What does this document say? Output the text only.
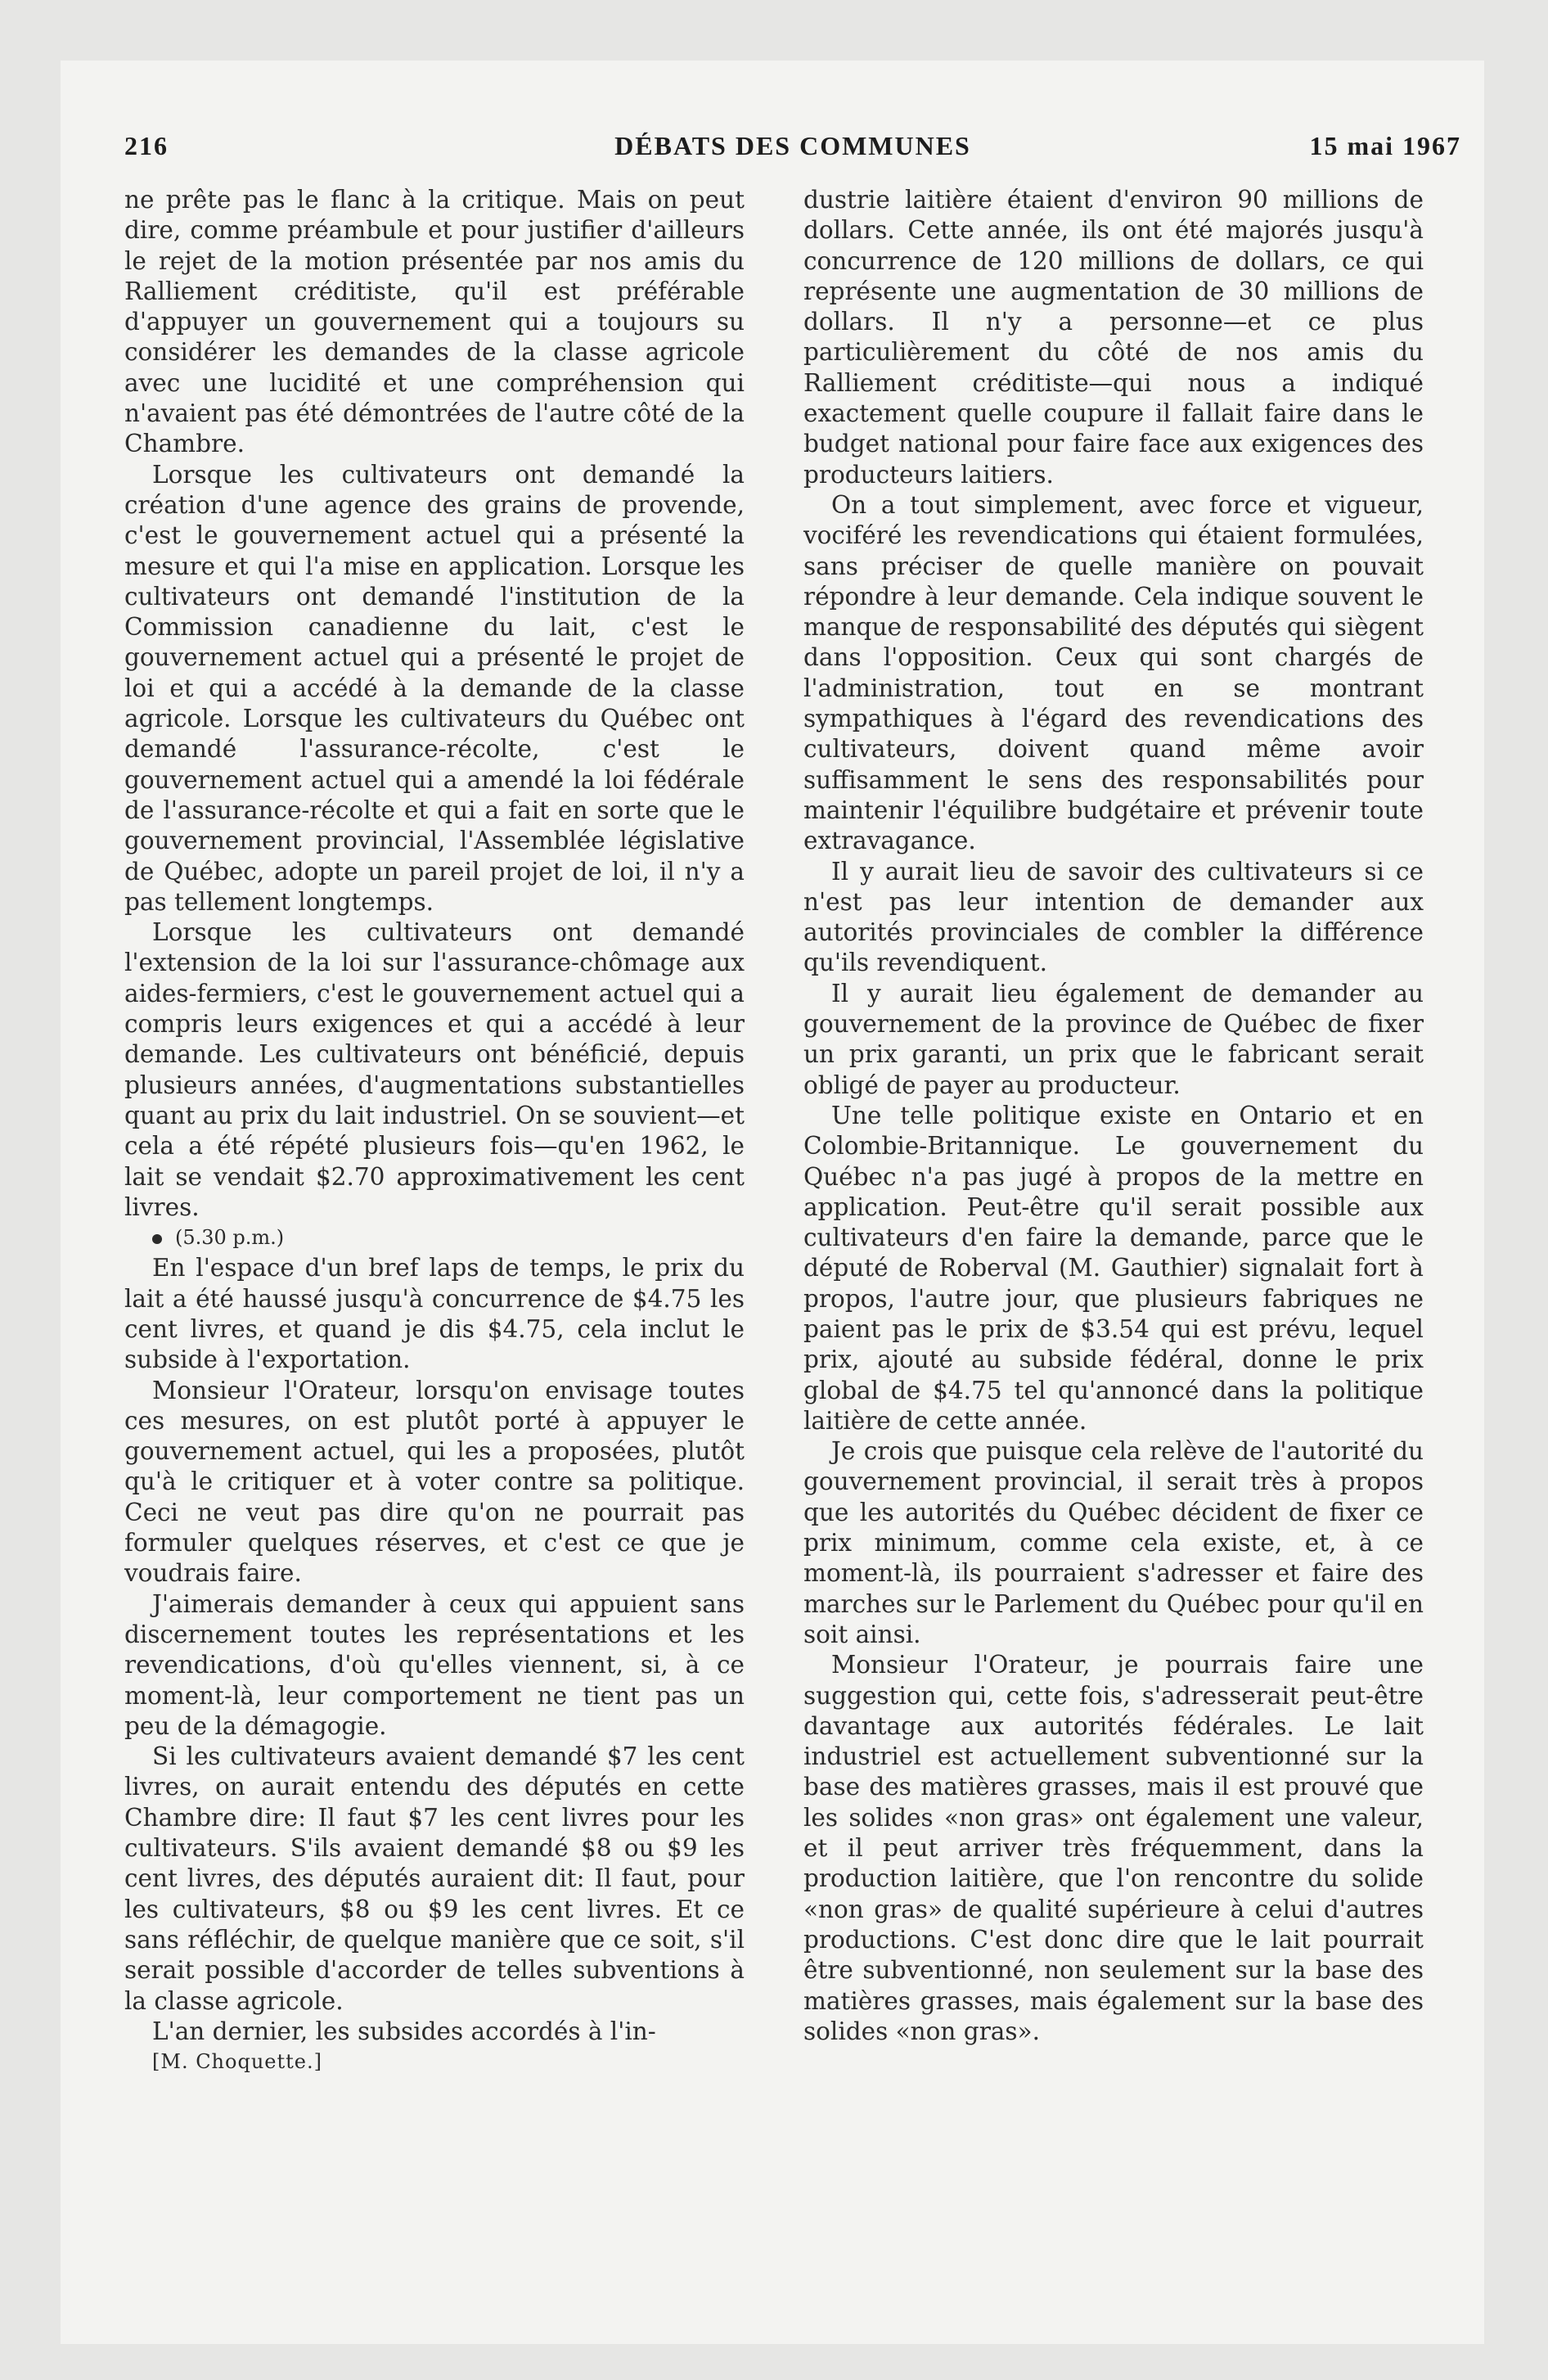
216	DÉBATS DES COMMUNES	15 mai 1967

ne prête pas le flanc à la critique. Mais on peut dire, comme préambule et pour justifier d'ailleurs le rejet de la motion présentée par nos amis du Ralliement créditiste, qu'il est préférable d'appuyer un gouvernement qui a toujours su considérer les demandes de la classe agricole avec une lucidité et une compréhension qui n'avaient pas été démontrées de l'autre côté de la Chambre.

Lorsque les cultivateurs ont demandé la création d'une agence des grains de provende, c'est le gouvernement actuel qui a présenté la mesure et qui l'a mise en application. Lorsque les cultivateurs ont demandé l'institution de la Commission canadienne du lait, c'est le gouvernement actuel qui a présenté le projet de loi et qui a accédé à la demande de la classe agricole. Lorsque les cultivateurs du Québec ont demandé l'assurance-récolte, c'est le gouvernement actuel qui a amendé la loi fédérale de l'assurance-récolte et qui a fait en sorte que le gouvernement provincial, l'Assemblée législative de Québec, adopte un pareil projet de loi, il n'y a pas tellement longtemps.

Lorsque les cultivateurs ont demandé l'extension de la loi sur l'assurance-chômage aux aides-fermiers, c'est le gouvernement actuel qui a compris leurs exigences et qui a accédé à leur demande. Les cultivateurs ont bénéficié, depuis plusieurs années, d'augmentations substantielles quant au prix du lait industriel. On se souvient—et cela a été répété plusieurs fois—qu'en 1962, le lait se vendait $2.70 approximativement les cent livres.

(5.30 p.m.)

En l'espace d'un bref laps de temps, le prix du lait a été haussé jusqu'à concurrence de $4.75 les cent livres, et quand je dis $4.75, cela inclut le subside à l'exportation.

Monsieur l'Orateur, lorsqu'on envisage toutes ces mesures, on est plutôt porté à appuyer le gouvernement actuel, qui les a proposées, plutôt qu'à le critiquer et à voter contre sa politique. Ceci ne veut pas dire qu'on ne pourrait pas formuler quelques réserves, et c'est ce que je voudrais faire.

J'aimerais demander à ceux qui appuient sans discernement toutes les représentations et les revendications, d'où qu'elles viennent, si, à ce moment-là, leur comportement ne tient pas un peu de la démagogie.

Si les cultivateurs avaient demandé $7 les cent livres, on aurait entendu des députés en cette Chambre dire: Il faut $7 les cent livres pour les cultivateurs. S'ils avaient demandé $8 ou $9 les cent livres, des députés auraient dit: Il faut, pour les cultivateurs, $8 ou $9 les cent livres. Et ce sans réfléchir, de quelque manière que ce soit, s'il serait possible d'accorder de telles subventions à la classe agricole.

L'an dernier, les subsides accordés à l'in-

[M. Choquette.]

dustrie laitière étaient d'environ 90 millions de dollars. Cette année, ils ont été majorés jusqu'à concurrence de 120 millions de dollars, ce qui représente une augmentation de 30 millions de dollars. Il n'y a personne—et ce plus particulièrement du côté de nos amis du Ralliement créditiste—qui nous a indiqué exactement quelle coupure il fallait faire dans le budget national pour faire face aux exigences des producteurs laitiers.

On a tout simplement, avec force et vigueur, vociféré les revendications qui étaient formulées, sans préciser de quelle manière on pouvait répondre à leur demande. Cela indique souvent le manque de responsabilité des députés qui siègent dans l'opposition. Ceux qui sont chargés de l'administration, tout en se montrant sympathiques à l'égard des revendications des cultivateurs, doivent quand même avoir suffisamment le sens des responsabilités pour maintenir l'équilibre budgétaire et prévenir toute extravagance.

Il y aurait lieu de savoir des cultivateurs si ce n'est pas leur intention de demander aux autorités provinciales de combler la différence qu'ils revendiquent.

Il y aurait lieu également de demander au gouvernement de la province de Québec de fixer un prix garanti, un prix que le fabricant serait obligé de payer au producteur.

Une telle politique existe en Ontario et en Colombie-Britannique. Le gouvernement du Québec n'a pas jugé à propos de la mettre en application. Peut-être qu'il serait possible aux cultivateurs d'en faire la demande, parce que le député de Roberval (M. Gauthier) signalait fort à propos, l'autre jour, que plusieurs fabriques ne paient pas le prix de $3.54 qui est prévu, lequel prix, ajouté au subside fédéral, donne le prix global de $4.75 tel qu'annoncé dans la politique laitière de cette année.

Je crois que puisque cela relève de l'autorité du gouvernement provincial, il serait très à propos que les autorités du Québec décident de fixer ce prix minimum, comme cela existe, et, à ce moment-là, ils pourraient s'adresser et faire des marches sur le Parlement du Québec pour qu'il en soit ainsi.

Monsieur l'Orateur, je pourrais faire une suggestion qui, cette fois, s'adresserait peut-être davantage aux autorités fédérales. Le lait industriel est actuellement subventionné sur la base des matières grasses, mais il est prouvé que les solides «non gras» ont également une valeur, et il peut arriver très fréquemment, dans la production laitière, que l'on rencontre du solide «non gras» de qualité supérieure à celui d'autres productions. C'est donc dire que le lait pourrait être subventionné, non seulement sur la base des matières grasses, mais également sur la base des solides «non gras».
